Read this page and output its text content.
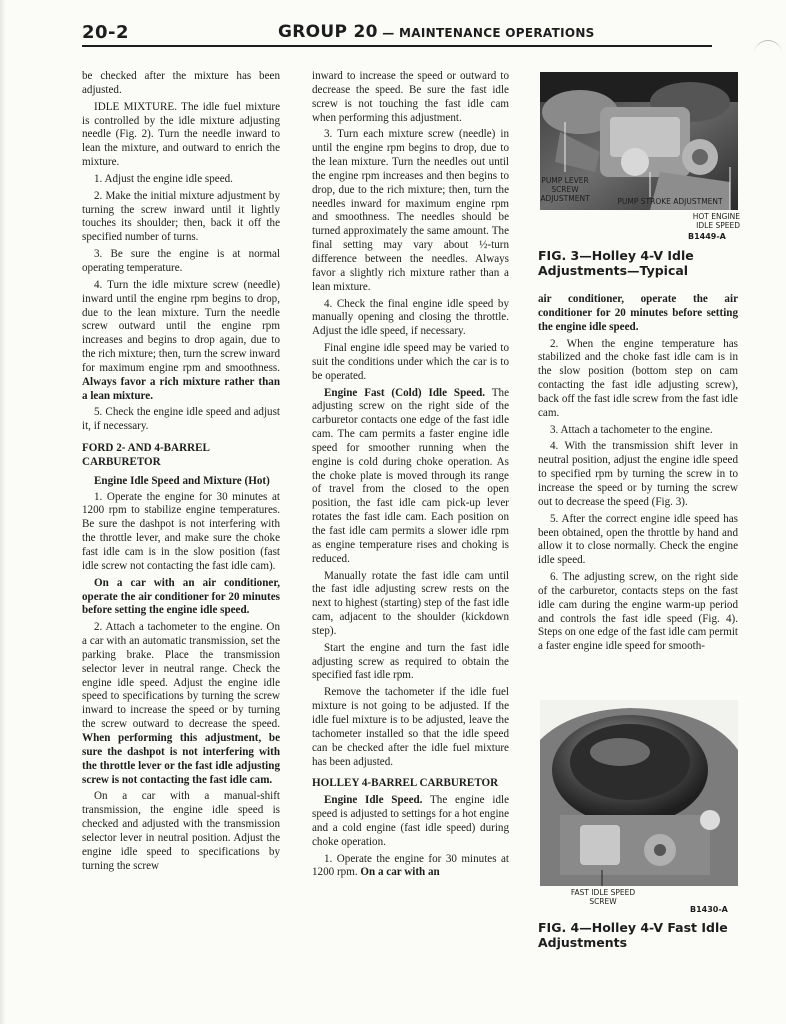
20-2	GROUP 20 — MAINTENANCE OPERATIONS

be checked after the mixture has been adjusted.

IDLE MIXTURE. The idle fuel mixture is controlled by the idle mixture adjusting needle (Fig. 2). Turn the needle inward to lean the mixture, and outward to enrich the mixture.

1. Adjust the engine idle speed.

2. Make the initial mixture adjustment by turning the screw inward until it lightly touches its shoulder; then, back it off the specified number of turns.

3. Be sure the engine is at normal operating temperature.

4. Turn the idle mixture screw (needle) inward until the engine rpm begins to drop, due to the lean mixture. Turn the needle screw outward until the engine rpm increases and begins to drop again, due to the rich mixture; then, turn the screw inward for maximum engine rpm and smoothness. Always favor a rich mixture rather than a lean mixture.

5. Check the engine idle speed and adjust it, if necessary.

FORD 2- AND 4-BARREL CARBURETOR
Engine Idle Speed and Mixture (Hot)

1. Operate the engine for 30 minutes at 1200 rpm to stabilize engine temperatures. Be sure the dashpot is not interfering with the throttle lever, and make sure the choke fast idle cam is in the slow position (fast idle screw not contacting the fast idle cam).

On a car with an air conditioner, operate the air conditioner for 20 minutes before setting the engine idle speed.

2. Attach a tachometer to the engine. On a car with an automatic transmission, set the parking brake. Place the transmission selector lever in neutral range. Check the engine idle speed. Adjust the engine idle speed to specifications by turning the screw inward to increase the speed or by turning the screw outward to decrease the speed. When performing this adjustment, be sure the dashpot is not interfering with the throttle lever or the fast idle adjusting screw is not contacting the fast idle cam.

On a car with a manual-shift transmission, the engine idle speed is checked and adjusted with the transmission selector lever in neutral position. Adjust the engine idle speed to specifications by turning the screw

inward to increase the speed or outward to decrease the speed. Be sure the fast idle screw is not touching the fast idle cam when performing this adjustment.

3. Turn each mixture screw (needle) in until the engine rpm begins to drop, due to the lean mixture. Turn the needles out until the engine rpm increases and then begins to drop, due to the rich mixture; then, turn the needles inward for maximum engine rpm and smoothness. The needles should be turned approximately the same amount. The final setting may vary about ½-turn difference between the needles. Always favor a slightly rich mixture rather than a lean mixture.

4. Check the final engine idle speed by manually opening and closing the throttle. Adjust the idle speed, if necessary.

Final engine idle speed may be varied to suit the conditions under which the car is to be operated.

Engine Fast (Cold) Idle Speed. The adjusting screw on the right side of the carburetor contacts one edge of the fast idle cam. The cam permits a faster engine idle speed for smoother running when the engine is cold during choke operation. As the choke plate is moved through its range of travel from the closed to the open position, the fast idle cam pick-up lever rotates the fast idle cam. Each position on the fast idle cam permits a slower idle rpm as engine temperature rises and choking is reduced.

Manually rotate the fast idle cam until the fast idle adjusting screw rests on the next to highest (starting) step of the fast idle cam, adjacent to the shoulder (kickdown step).

Start the engine and turn the fast idle adjusting screw as required to obtain the specified fast idle rpm.

Remove the tachometer if the idle fuel mixture is not going to be adjusted. If the idle fuel mixture is to be adjusted, leave the tachometer installed so that the idle speed can be checked after the idle fuel mixture has been adjusted.

HOLLEY 4-BARREL CARBURETOR

Engine Idle Speed. The engine idle speed is adjusted to settings for a hot engine and a cold engine (fast idle speed) during choke operation.

1. Operate the engine for 30 minutes at 1200 rpm. On a car with an

PUMP LEVER SCREW ADJUSTMENT	PUMP STROKE ADJUSTMENT
HOT ENGINE IDLE SPEED
B1449-A
FIG. 3—Holley 4-V Idle Adjustments—Typical

air conditioner, operate the air conditioner for 20 minutes before setting the engine idle speed.

2. When the engine temperature has stabilized and the choke fast idle cam is in the slow position (bottom step on cam contacting the fast idle adjusting screw), back off the fast idle screw from the fast idle cam.

3. Attach a tachometer to the engine.

4. With the transmission shift lever in neutral position, adjust the engine idle speed to specified rpm by turning the screw in to increase the speed or by turning the screw out to decrease the speed (Fig. 3).

5. After the correct engine idle speed has been obtained, open the throttle by hand and allow it to close normally. Check the engine idle speed.

6. The adjusting screw, on the right side of the carburetor, contacts steps on the fast idle cam during the engine warm-up period and controls the fast idle speed (Fig. 4). Steps on one edge of the fast idle cam permit a faster engine idle speed for smooth-

FAST IDLE SPEED SCREW
B1430-A
FIG. 4—Holley 4-V Fast Idle Adjustments
